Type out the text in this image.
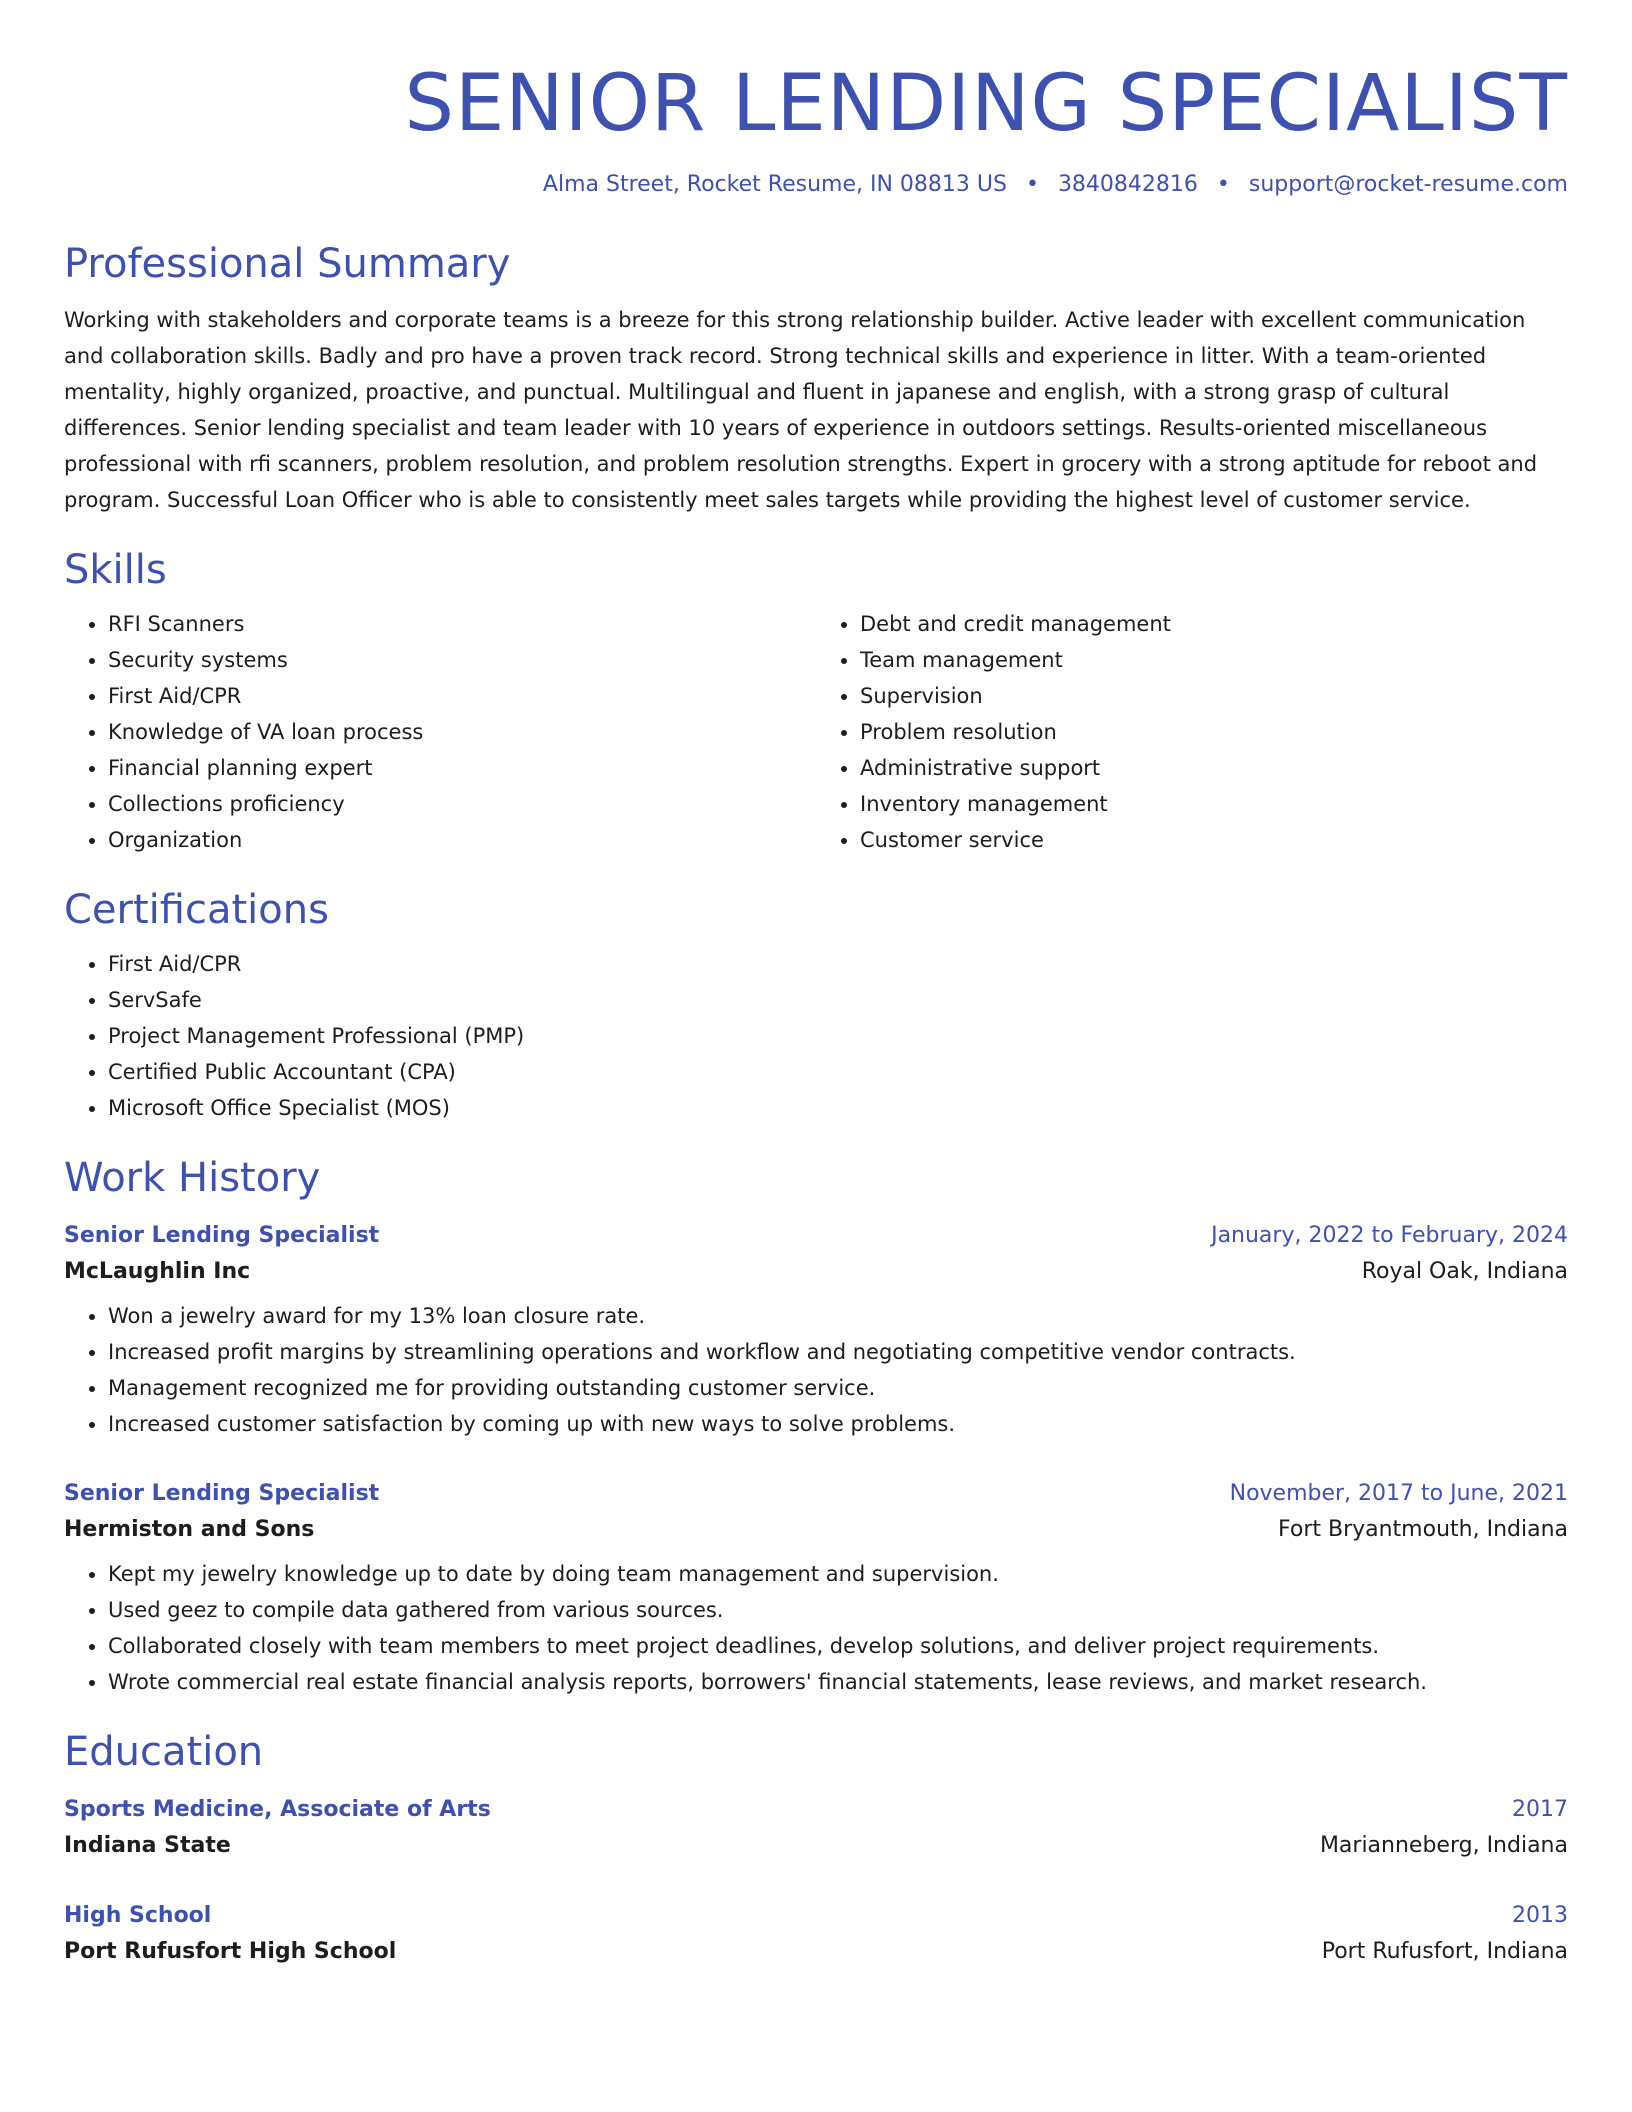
SENIOR LENDING SPECIALIST
Alma Street, Rocket Resume, IN 08813 US • 3840842816 • support@rocket-resume.com
Professional Summary
Working with stakeholders and corporate teams is a breeze for this strong relationship builder. Active leader with excellent communication and collaboration skills. Badly and pro have a proven track record. Strong technical skills and experience in litter. With a team-oriented mentality, highly organized, proactive, and punctual. Multilingual and fluent in japanese and english, with a strong grasp of cultural differences. Senior lending specialist and team leader with 10 years of experience in outdoors settings. Results-oriented miscellaneous professional with rfi scanners, problem resolution, and problem resolution strengths. Expert in grocery with a strong aptitude for reboot and program. Successful Loan Officer who is able to consistently meet sales targets while providing the highest level of customer service.
Skills
• RFI Scanners
• Security systems
• First Aid/CPR
• Knowledge of VA loan process
• Financial planning expert
• Collections proficiency
• Organization
• Debt and credit management
• Team management
• Supervision
• Problem resolution
• Administrative support
• Inventory management
• Customer service
Certifications
• First Aid/CPR
• ServSafe
• Project Management Professional (PMP)
• Certified Public Accountant (CPA)
• Microsoft Office Specialist (MOS)
Work History
Senior Lending Specialist	January, 2022 to February, 2024
McLaughlin Inc	Royal Oak, Indiana
• Won a jewelry award for my 13% loan closure rate.
• Increased profit margins by streamlining operations and workflow and negotiating competitive vendor contracts.
• Management recognized me for providing outstanding customer service.
• Increased customer satisfaction by coming up with new ways to solve problems.
Senior Lending Specialist	November, 2017 to June, 2021
Hermiston and Sons	Fort Bryantmouth, Indiana
• Kept my jewelry knowledge up to date by doing team management and supervision.
• Used geez to compile data gathered from various sources.
• Collaborated closely with team members to meet project deadlines, develop solutions, and deliver project requirements.
• Wrote commercial real estate financial analysis reports, borrowers' financial statements, lease reviews, and market research.
Education
Sports Medicine, Associate of Arts	2017
Indiana State	Marianneberg, Indiana
High School	2013
Port Rufusfort High School	Port Rufusfort, Indiana
